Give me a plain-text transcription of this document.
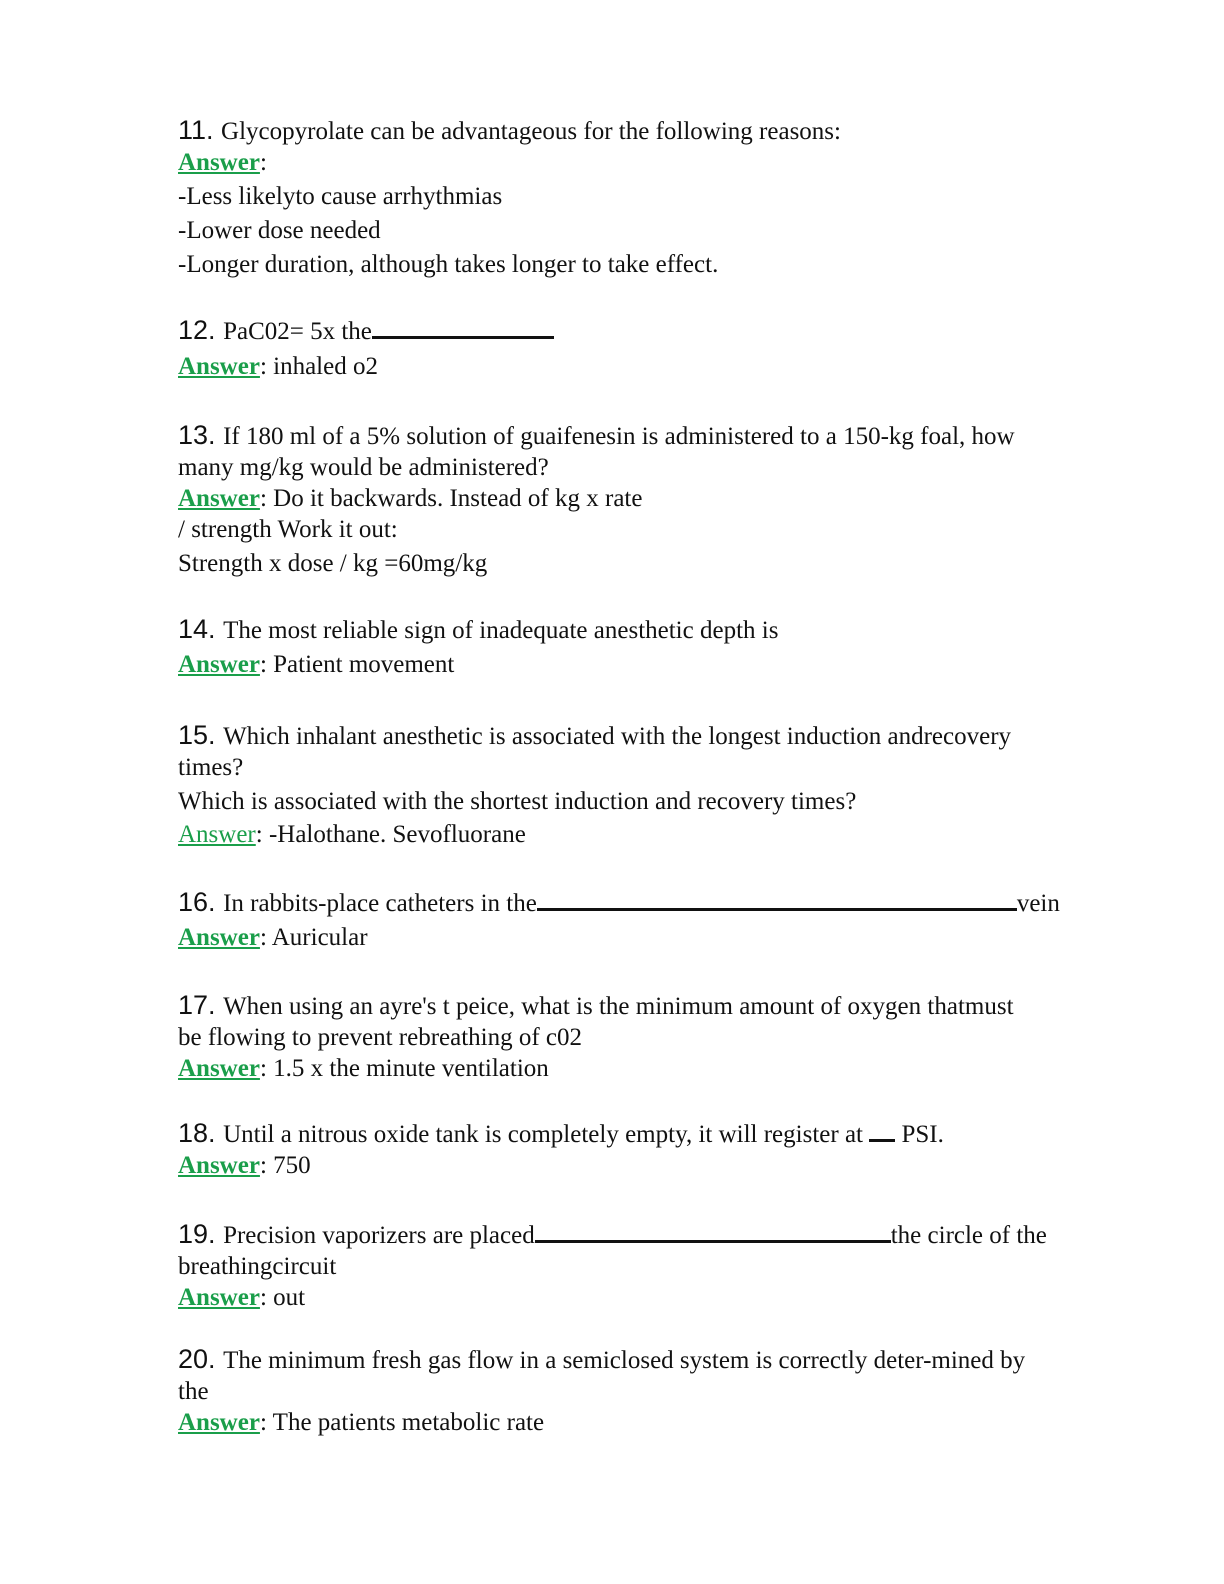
11. Glycopyrolate can be advantageous for the following reasons:
Answer:
-Less likelyto cause arrhythmias
-Lower dose needed
-Longer duration, although takes longer to take effect.
12. PaC02= 5x the
Answer: inhaled o2
13. If 180 ml of a 5% solution of guaifenesin is administered to a 150-kg foal, how
many mg/kg would be administered?
Answer: Do it backwards. Instead of kg x rate
/ strength Work it out:
Strength x dose / kg =60mg/kg
14. The most reliable sign of inadequate anesthetic depth is
Answer: Patient movement
15. Which inhalant anesthetic is associated with the longest induction andrecovery
times?
Which is associated with the shortest induction and recovery times?
Answer: -Halothane. Sevofluorane
16. In rabbits-place catheters in the	vein
Answer: Auricular
17. When using an ayre's t peice, what is the minimum amount of oxygen thatmust
be flowing to prevent rebreathing of c02
Answer: 1.5 x the minute ventilation
18. Until a nitrous oxide tank is completely empty, it will register at PSI.
Answer: 750
19. Precision vaporizers are placed	the circle of the
breathingcircuit
Answer: out
20. The minimum fresh gas flow in a semiclosed system is correctly deter-mined by
the
Answer: The patients metabolic rate
